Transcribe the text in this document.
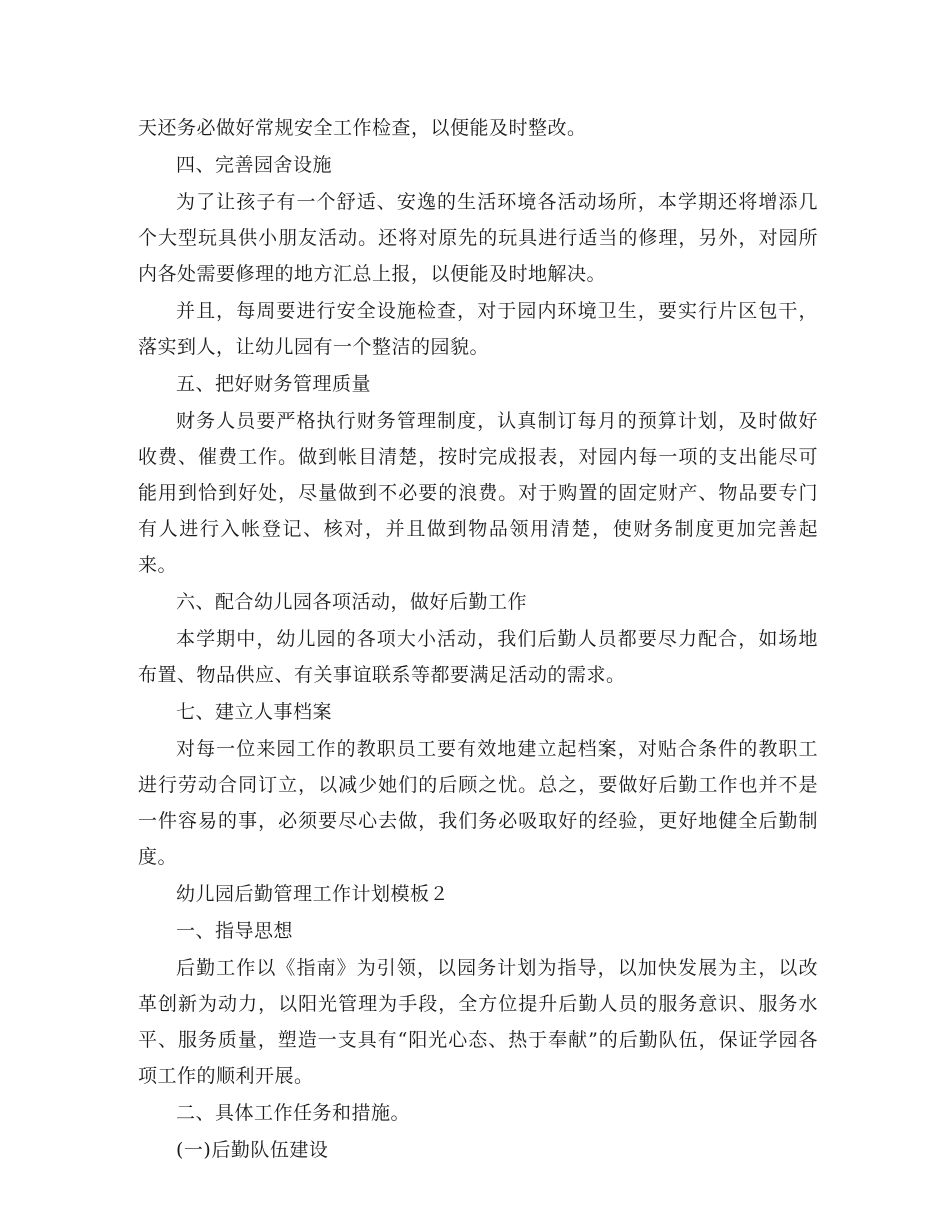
天还务必做好常规安全工作检查，以便能及时整改。

四、完善园舍设施

为了让孩子有一个舒适、安逸的生活环境各活动场所，本学期还将增添几个大型玩具供小朋友活动。还将对原先的玩具进行适当的修理，另外，对园所内各处需要修理的地方汇总上报，以便能及时地解决。

并且，每周要进行安全设施检查，对于园内环境卫生，要实行片区包干，落实到人，让幼儿园有一个整洁的园貌。

五、把好财务管理质量

财务人员要严格执行财务管理制度，认真制订每月的预算计划，及时做好收费、催费工作。做到帐目清楚，按时完成报表，对园内每一项的支出能尽可能用到恰到好处，尽量做到不必要的浪费。对于购置的固定财产、物品要专门有人进行入帐登记、核对，并且做到物品领用清楚，使财务制度更加完善起来。

六、配合幼儿园各项活动，做好后勤工作

本学期中，幼儿园的各项大小活动，我们后勤人员都要尽力配合，如场地布置、物品供应、有关事谊联系等都要满足活动的需求。

七、建立人事档案

对每一位来园工作的教职员工要有效地建立起档案，对贴合条件的教职工进行劳动合同订立，以减少她们的后顾之忧。总之，要做好后勤工作也并不是一件容易的事，必须要尽心去做，我们务必吸取好的经验，更好地健全后勤制度。

幼儿园后勤管理工作计划模板２

一、指导思想

后勤工作以《指南》为引领，以园务计划为指导，以加快发展为主，以改革创新为动力，以阳光管理为手段，全方位提升后勤人员的服务意识、服务水平、服务质量，塑造一支具有“阳光心态、热于奉献”的后勤队伍，保证学园各项工作的顺利开展。

二、具体工作任务和措施。

(一)后勤队伍建设
